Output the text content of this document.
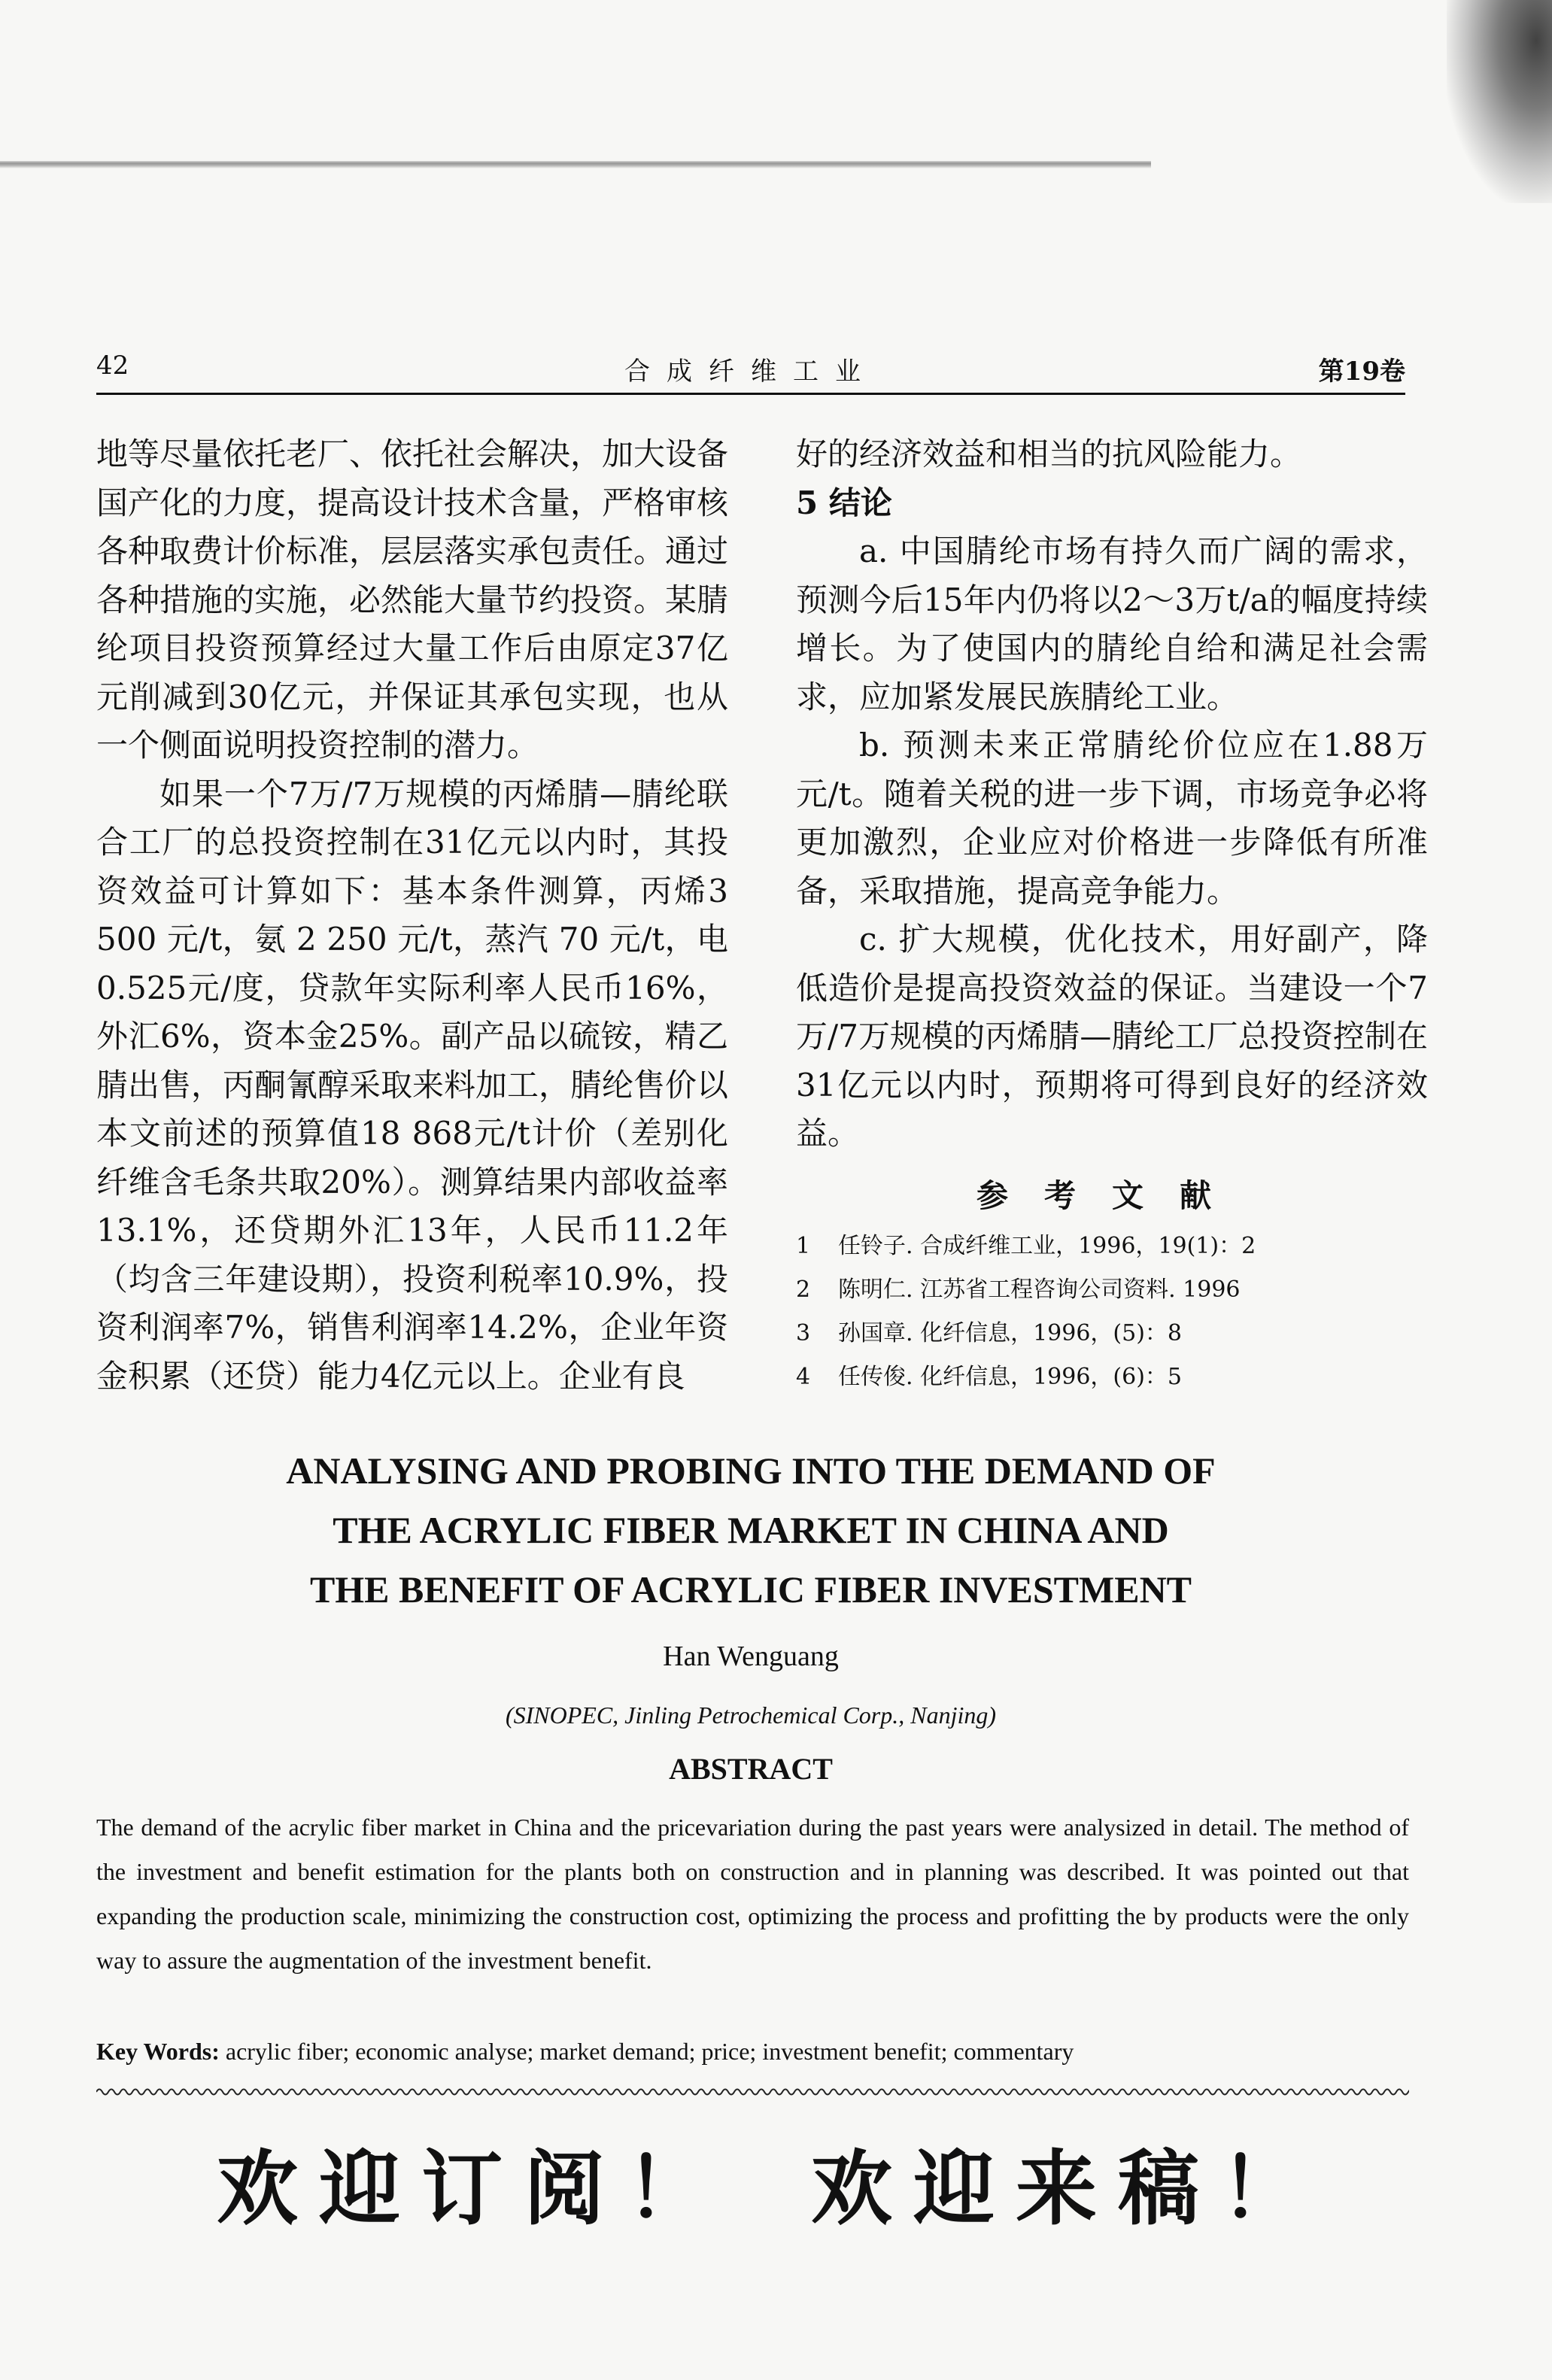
42	合成纤维工业	第19卷

地等尽量依托老厂、依托社会解决，加大设备国产化的力度，提高设计技术含量，严格审核各种取费计价标准，层层落实承包责任。通过各种措施的实施，必然能大量节约投资。某腈纶项目投资预算经过大量工作后由原定37亿元削减到30亿元，并保证其承包实现，也从一个侧面说明投资控制的潜力。

如果一个7万/7万规模的丙烯腈—腈纶联合工厂的总投资控制在31亿元以内时，其投资效益可计算如下：基本条件测算，丙烯3 500 元/t，氨 2 250 元/t，蒸汽 70 元/t，电0.525元/度，贷款年实际利率人民币16%，外汇6%，资本金25%。副产品以硫铵，精乙腈出售，丙酮氰醇采取来料加工，腈纶售价以本文前述的预算值18 868元/t计价（差别化纤维含毛条共取20%）。测算结果内部收益率13.1%，还贷期外汇13年，人民币11.2年（均含三年建设期），投资利税率10.9%，投资利润率7%，销售利润率14.2%，企业年资金积累（还贷）能力4亿元以上。企业有良

好的经济效益和相当的抗风险能力。

5 结论

a. 中国腈纶市场有持久而广阔的需求，预测今后15年内仍将以2～3万t/a的幅度持续增长。为了使国内的腈纶自给和满足社会需求，应加紧发展民族腈纶工业。

b. 预测未来正常腈纶价位应在1.88万元/t。随着关税的进一步下调，市场竞争必将更加激烈，企业应对价格进一步降低有所准备，采取措施，提高竞争能力。

c. 扩大规模，优化技术，用好副产，降低造价是提高投资效益的保证。当建设一个7万/7万规模的丙烯腈—腈纶工厂总投资控制在31亿元以内时，预期将可得到良好的经济效益。

参考文献
1	任铃子. 合成纤维工业，1996，19(1)：2
2	陈明仁. 江苏省工程咨询公司资料. 1996
3	孙国章. 化纤信息，1996，(5)：8
4	任传俊. 化纤信息，1996，(6)：5
ANALYSING AND PROBING INTO THE DEMAND OF
THE ACRYLIC FIBER MARKET IN CHINA AND
THE BENEFIT OF ACRYLIC FIBER INVESTMENT
Han Wenguang
(SINOPEC, Jinling Petrochemical Corp., Nanjing)
ABSTRACT
The demand of the acrylic fiber market in China and the pricevariation during the past years were analysized in detail. The method of the investment and benefit estimation for the plants both on construction and in planning was described. It was pointed out that expanding the production scale, minimizing the construction cost, optimizing the process and profitting the by products were the only way to assure the augmentation of the investment benefit.
Key Words: acrylic fiber; economic analyse; market demand; price; investment benefit; commentary
欢迎订阅！ 欢迎来稿！
